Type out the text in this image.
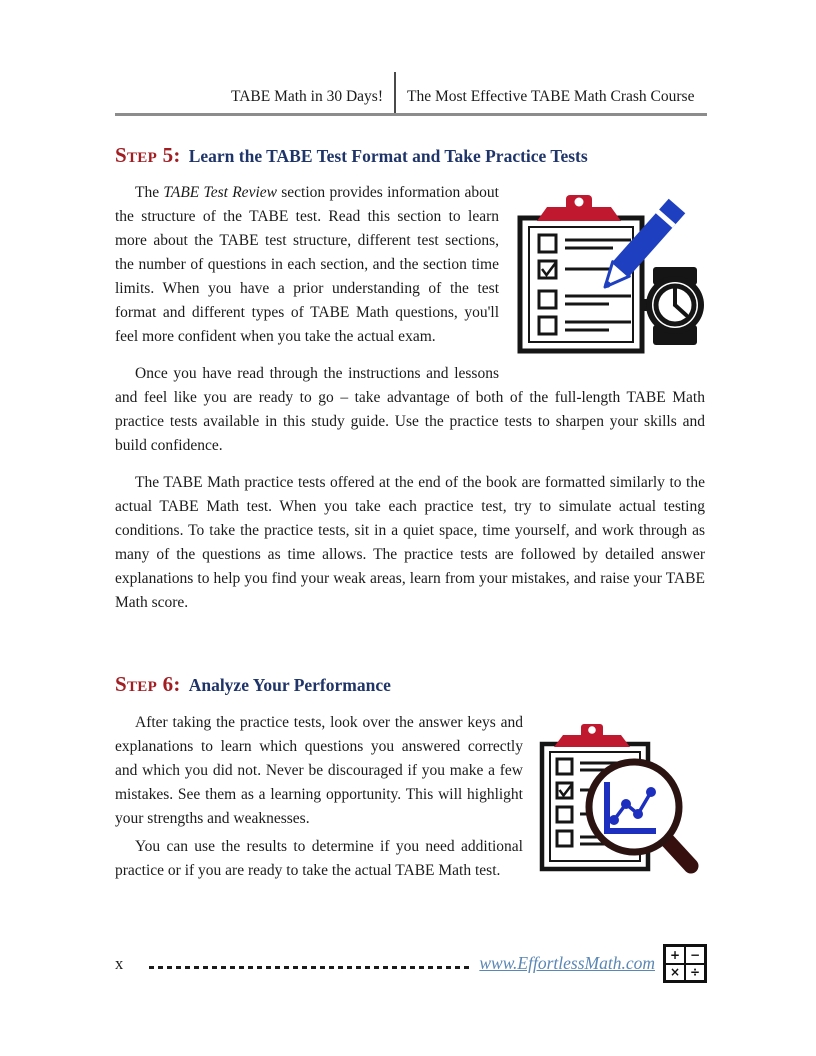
TABE Math in 30 Days!	The Most Effective TABE Math Crash Course
Step 5: Learn the TABE Test Format and Take Practice Tests

The TABE Test Review section provides information about the structure of the TABE test. Read this section to learn more about the TABE test structure, different test sections, the number of questions in each section, and the section time limits. When you have a prior understanding of the test format and different types of TABE Math questions, you'll feel more confident when you take the actual exam.

Once you have read through the instructions and lessons and feel like you are ready to go – take advantage of both of the full-length TABE Math practice tests available in this study guide. Use the practice tests to sharpen your skills and build confidence.

The TABE Math practice tests offered at the end of the book are formatted similarly to the actual TABE Math test. When you take each practice test, try to simulate actual testing conditions. To take the practice tests, sit in a quiet space, time yourself, and work through as many of the questions as time allows. The practice tests are followed by detailed answer explanations to help you find your weak areas, learn from your mistakes, and raise your TABE Math score.

Step 6: Analyze Your Performance

After taking the practice tests, look over the answer keys and explanations to learn which questions you answered correctly and which you did not. Never be discouraged if you make a few mistakes. See them as a learning opportunity. This will highlight your strengths and weaknesses.

You can use the results to determine if you need additional practice or if you are ready to take the actual TABE Math test.

x	www.EffortlessMath.com	+ −
× ÷
